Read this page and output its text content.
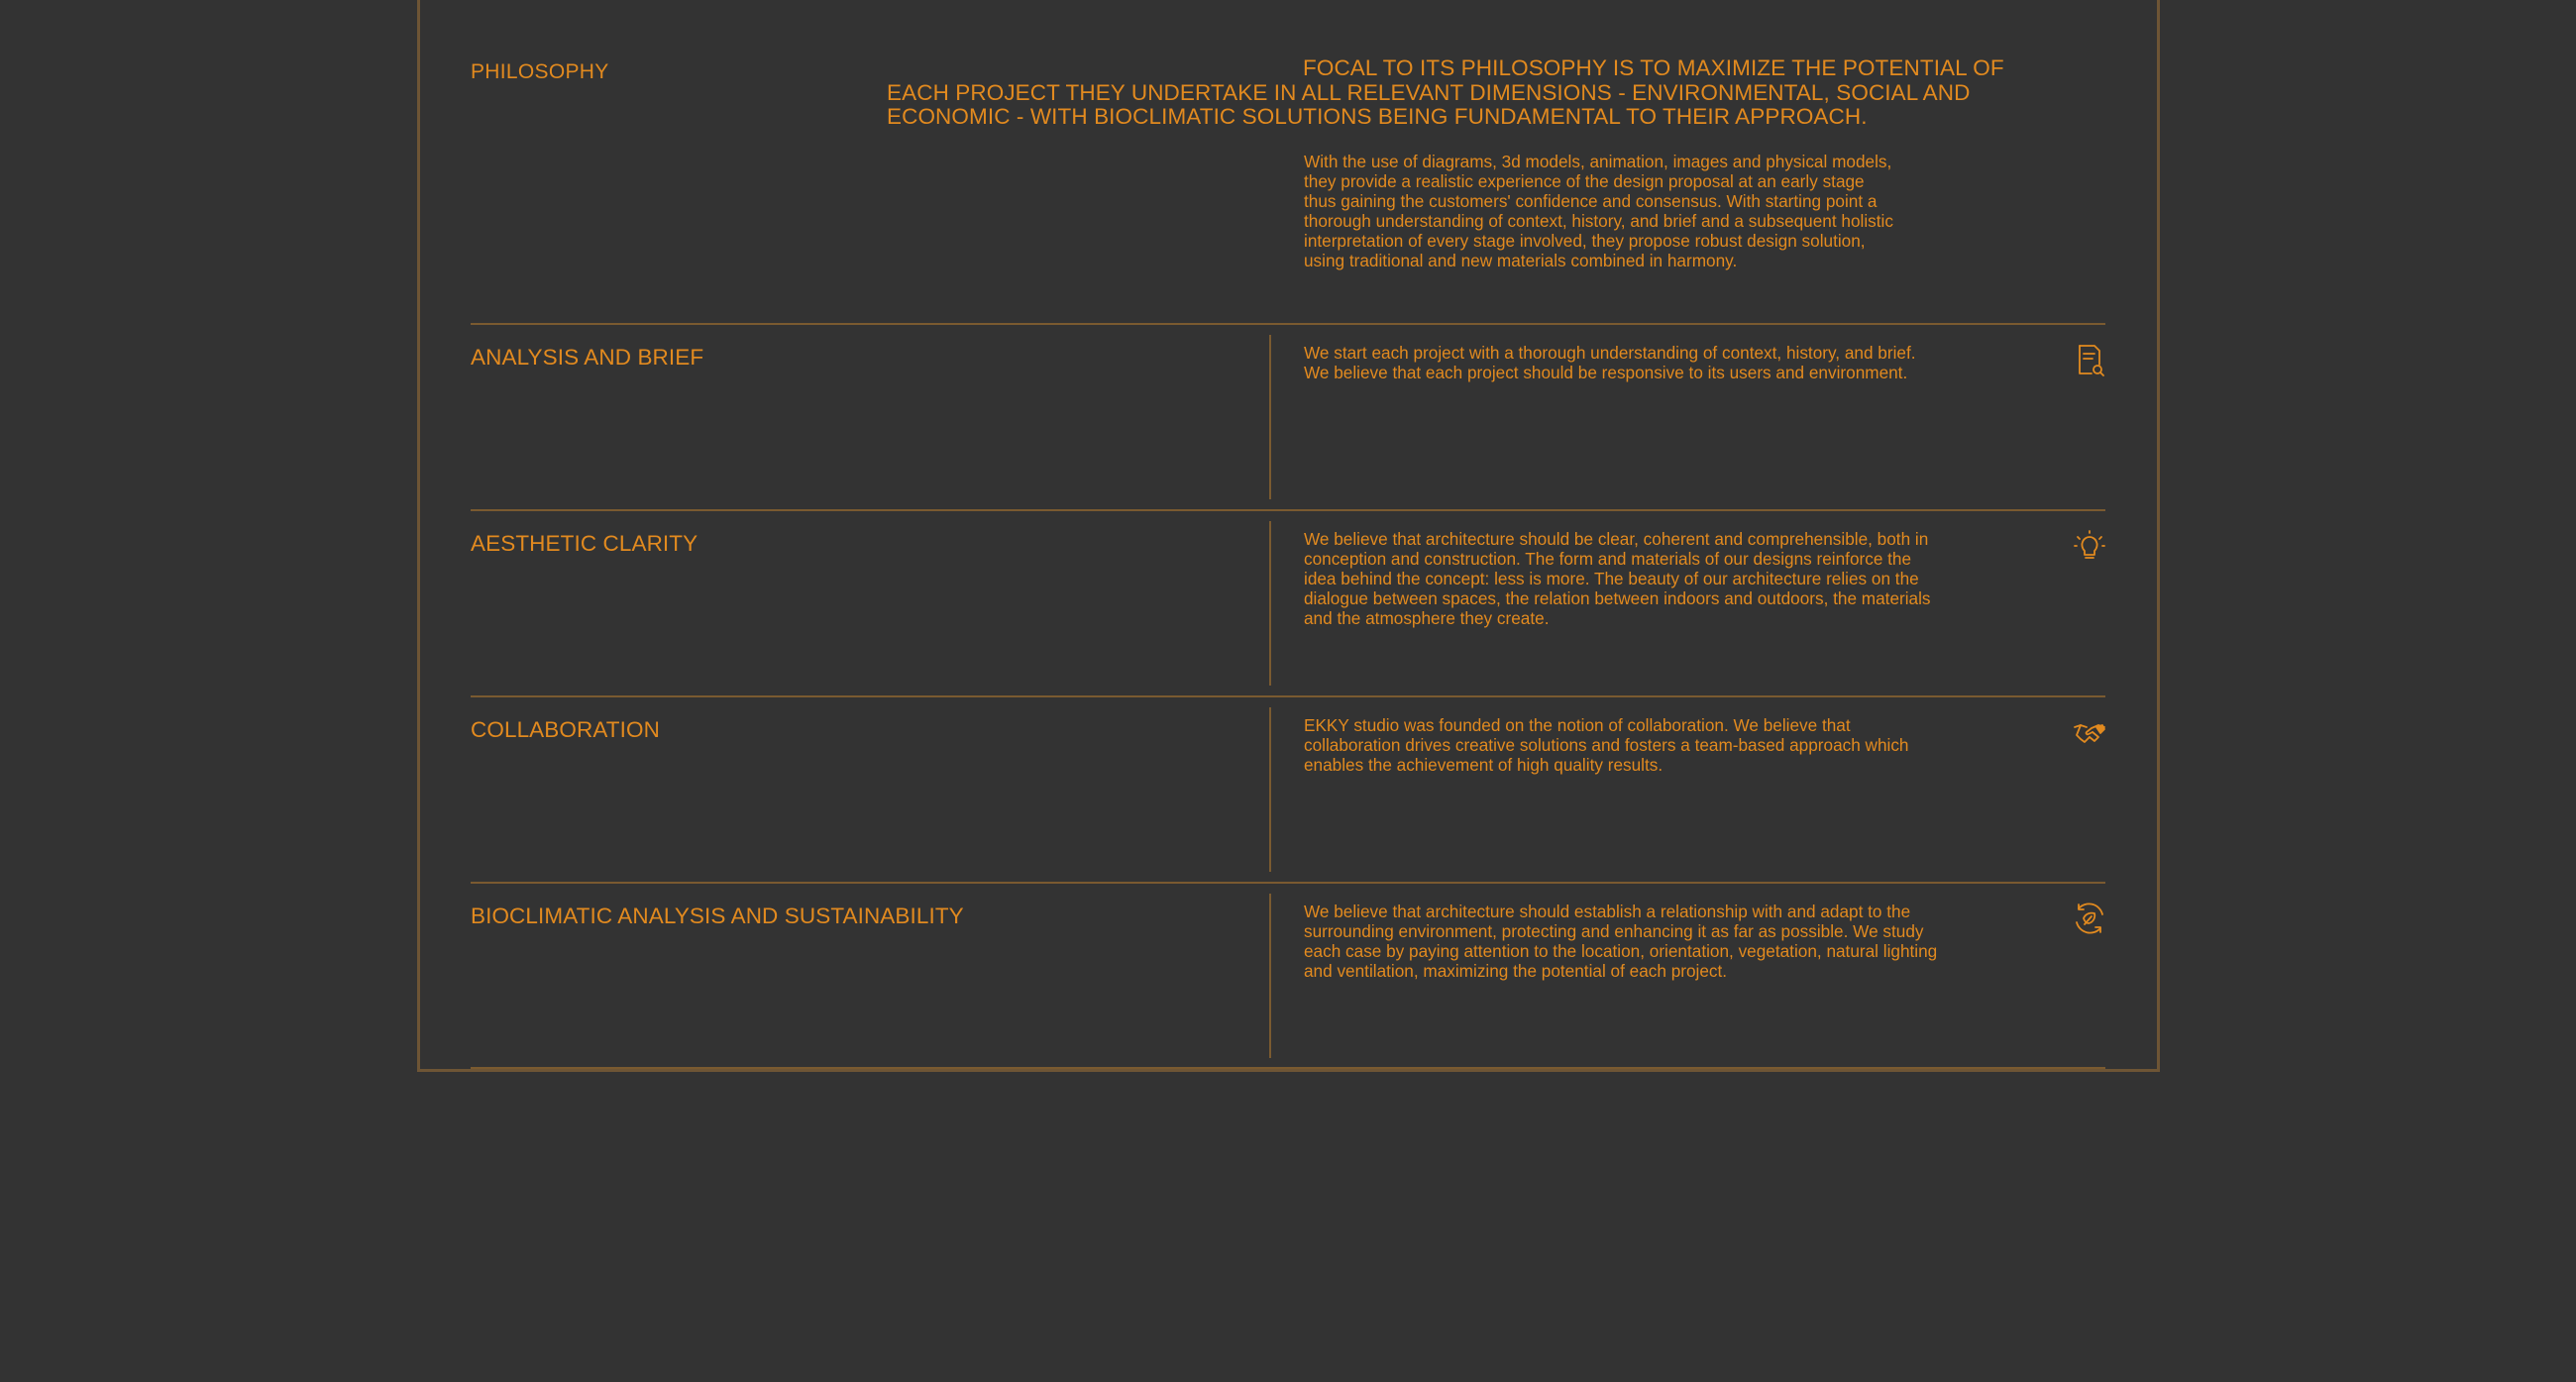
PHILOSOPHY	FOCAL TO ITS PHILOSOPHY IS TO MAXIMIZE THE POTENTIAL OF EACH PROJECT THEY UNDERTAKE IN ALL RELEVANT DIMENSIONS - ENVIRONMENTAL, SOCIAL AND ECONOMIC - WITH BIOCLIMATIC SOLUTIONS BEING FUNDAMENTAL TO THEIR APPROACH.
With the use of diagrams, 3d models, animation, images and physical models, they provide a realistic experience of the design proposal at an early stage thus gaining the customers' confidence and consensus. With starting point a thorough understanding of context, history, and brief and a subsequent holistic interpretation of every stage involved, they propose robust design solution, using traditional and new materials combined in harmony.
ANALYSIS AND BRIEF	We start each project with a thorough understanding of context, history, and brief. We believe that each project should be responsive to its users and environment.
AESTHETIC CLARITY	We believe that architecture should be clear, coherent and comprehensible, both in conception and construction. The form and materials of our designs reinforce the idea behind the concept: less is more. The beauty of our architecture relies on the dialogue between spaces, the relation between indoors and outdoors, the materials and the atmosphere they create.
COLLABORATION	EKKY studio was founded on the notion of collaboration. We believe that collaboration drives creative solutions and fosters a team-based approach which enables the achievement of high quality results.
BIOCLIMATIC ANALYSIS AND SUSTAINABILITY	We believe that architecture should establish a relationship with and adapt to the surrounding environment, protecting and enhancing it as far as possible. We study each case by paying attention to the location, orientation, vegetation, natural lighting and ventilation, maximizing the potential of each project.
